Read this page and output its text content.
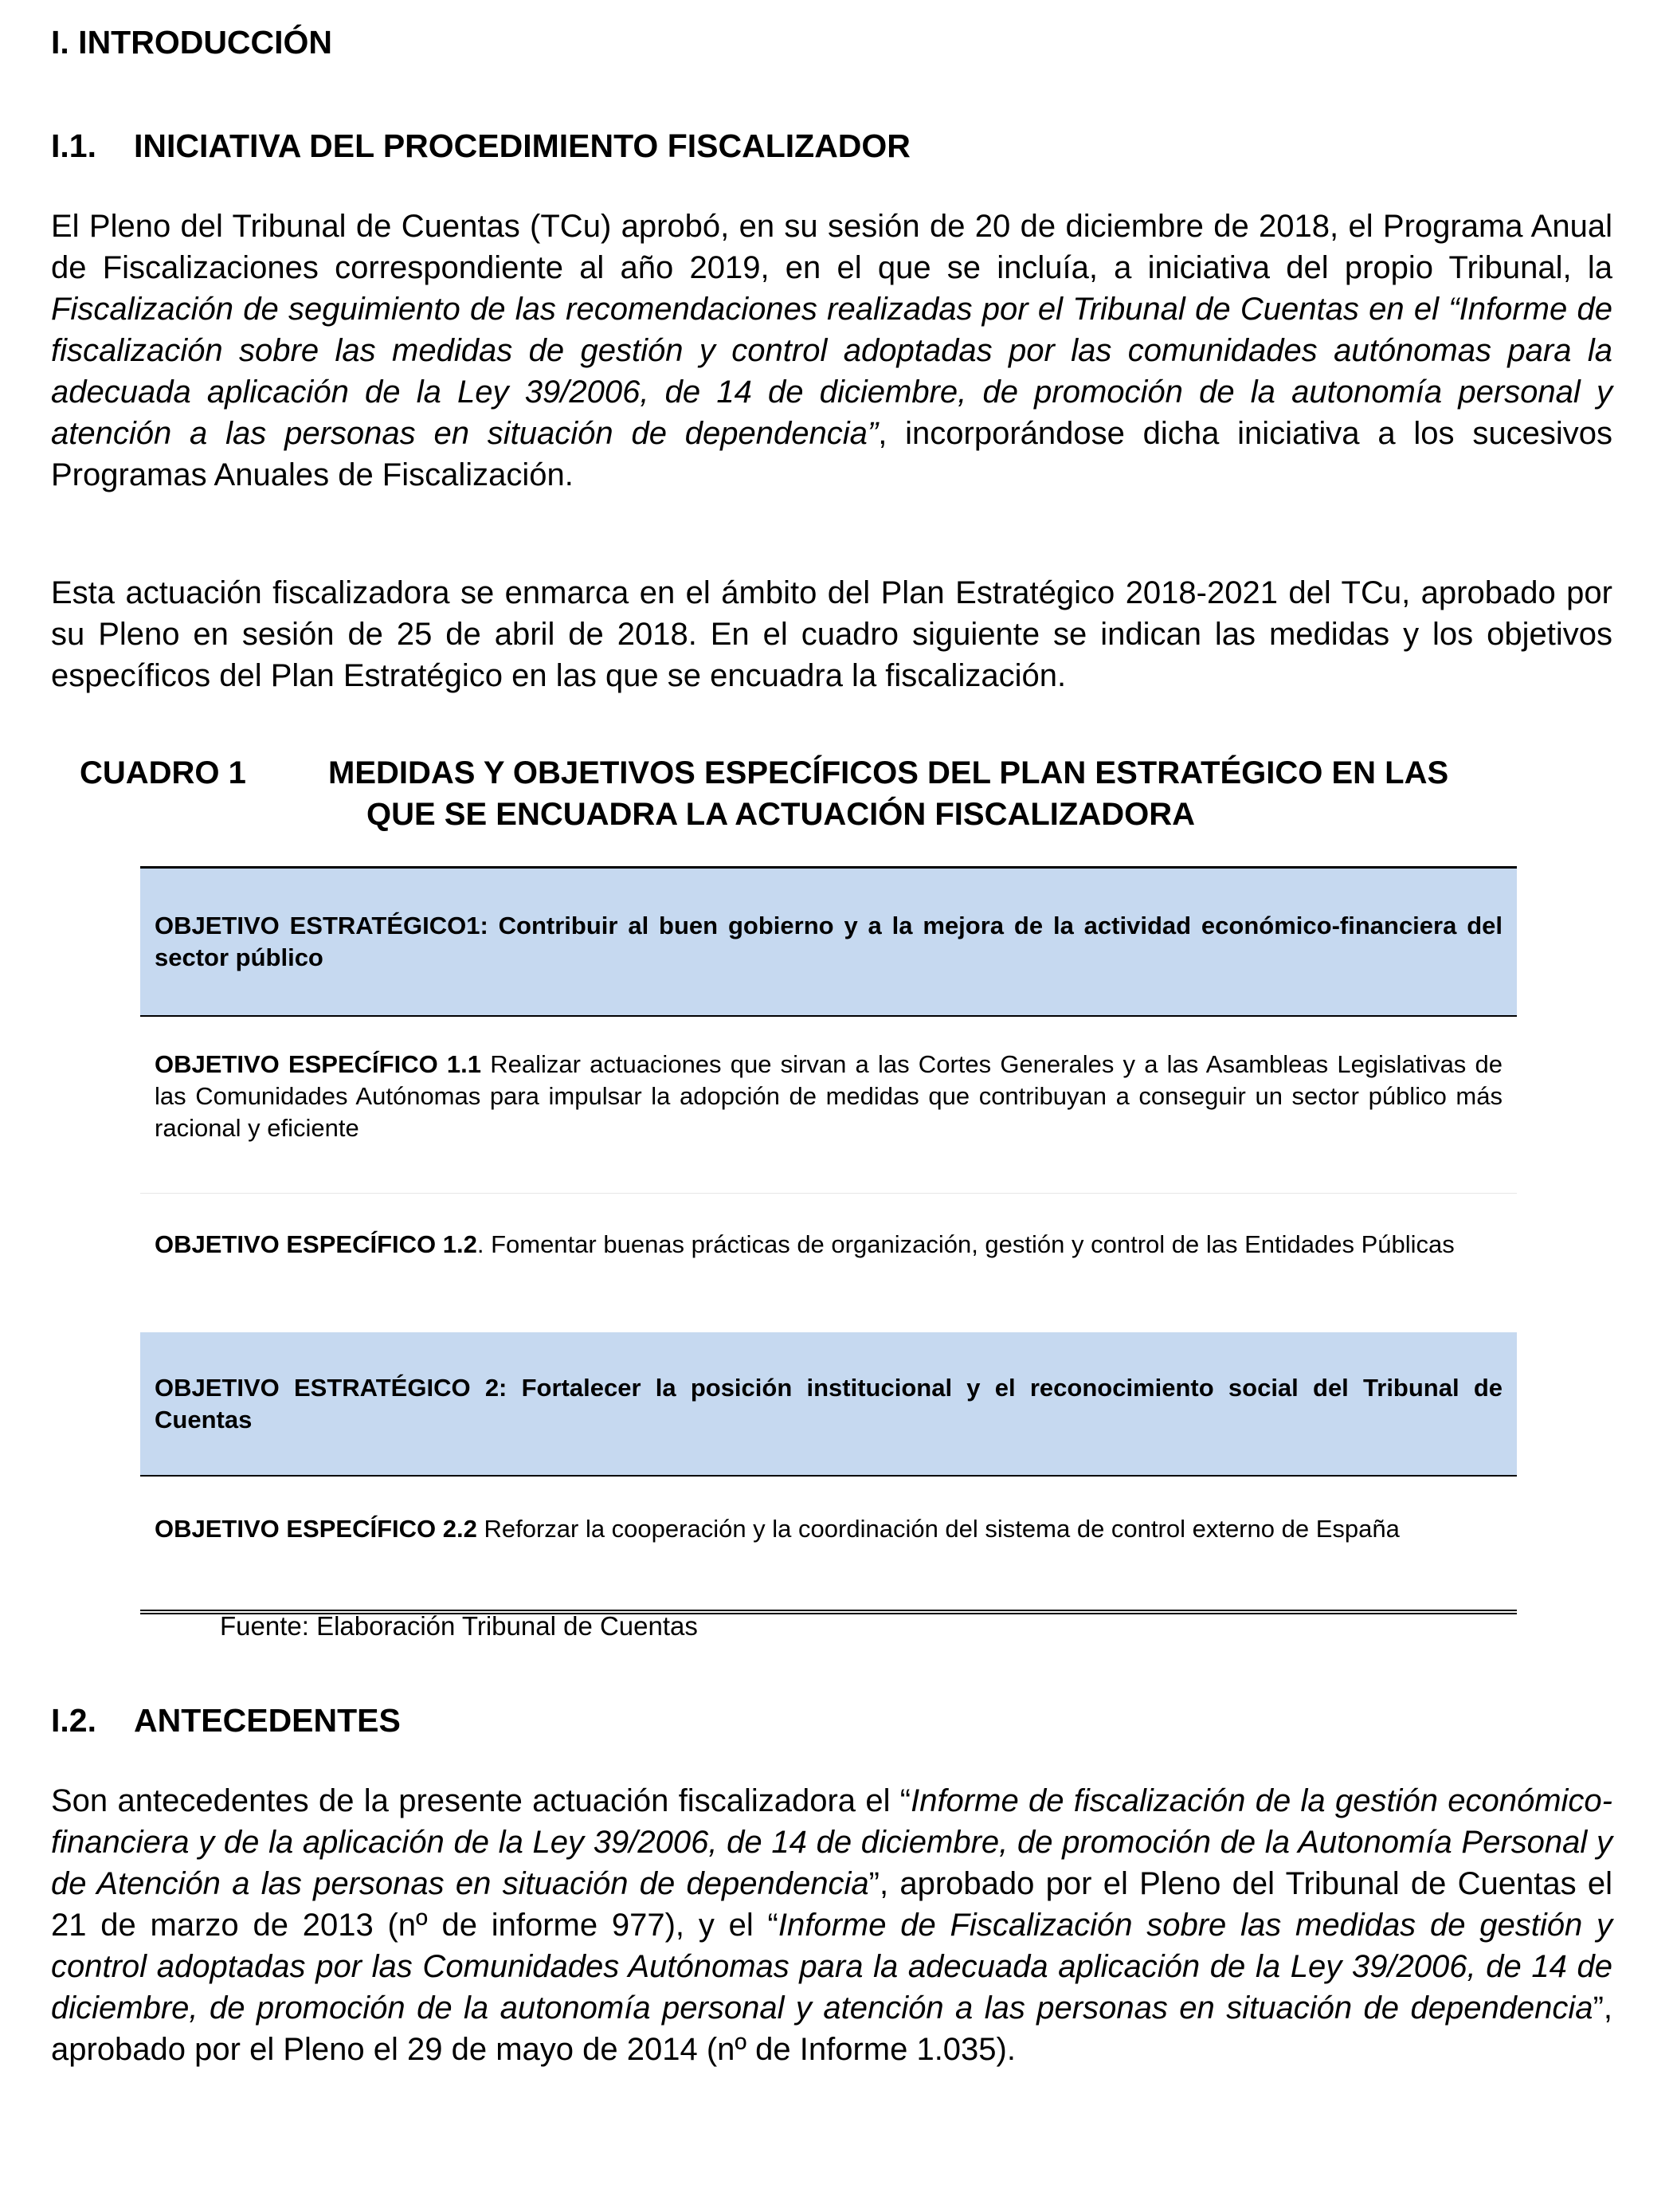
I. INTRODUCCIÓN
I.1. INICIATIVA DEL PROCEDIMIENTO FISCALIZADOR

El Pleno del Tribunal de Cuentas (TCu) aprobó, en su sesión de 20 de diciembre de 2018, el Programa Anual de Fiscalizaciones correspondiente al año 2019, en el que se incluía, a iniciativa del propio Tribunal, la Fiscalización de seguimiento de las recomendaciones realizadas por el Tribunal de Cuentas en el “Informe de fiscalización sobre las medidas de gestión y control adoptadas por las comunidades autónomas para la adecuada aplicación de la Ley 39/2006, de 14 de diciembre, de promoción de la autonomía personal y atención a las personas en situación de dependencia”, incorporándose dicha iniciativa a los sucesivos Programas Anuales de Fiscalización.

Esta actuación fiscalizadora se enmarca en el ámbito del Plan Estratégico 2018-2021 del TCu, aprobado por su Pleno en sesión de 25 de abril de 2018. En el cuadro siguiente se indican las medidas y los objetivos específicos del Plan Estratégico en las que se encuadra la fiscalización.

CUADRO 1	MEDIDAS Y OBJETIVOS ESPECÍFICOS DEL PLAN ESTRATÉGICO EN LAS
QUE SE ENCUADRA LA ACTUACIÓN FISCALIZADORA
OBJETIVO ESTRATÉGICO1: Contribuir al buen gobierno y a la mejora de la actividad económico-financiera del sector público
OBJETIVO ESPECÍFICO 1.1 Realizar actuaciones que sirvan a las Cortes Generales y a las Asambleas Legislativas de las Comunidades Autónomas para impulsar la adopción de medidas que contribuyan a conseguir un sector público más racional y eficiente
OBJETIVO ESPECÍFICO 1.2. Fomentar buenas prácticas de organización, gestión y control de las Entidades Públicas
OBJETIVO ESTRATÉGICO 2: Fortalecer la posición institucional y el reconocimiento social del Tribunal de Cuentas
OBJETIVO ESPECÍFICO 2.2 Reforzar la cooperación y la coordinación del sistema de control externo de España
Fuente: Elaboración Tribunal de Cuentas
I.2. ANTECEDENTES

Son antecedentes de la presente actuación fiscalizadora el “Informe de fiscalización de la gestión económico-financiera y de la aplicación de la Ley 39/2006, de 14 de diciembre, de promoción de la Autonomía Personal y de Atención a las personas en situación de dependencia”, aprobado por el Pleno del Tribunal de Cuentas el 21 de marzo de 2013 (nº de informe 977), y el “Informe de Fiscalización sobre las medidas de gestión y control adoptadas por las Comunidades Autónomas para la adecuada aplicación de la Ley 39/2006, de 14 de diciembre, de promoción de la autonomía personal y atención a las personas en situación de dependencia”, aprobado por el Pleno el 29 de mayo de 2014 (nº de Informe 1.035).
